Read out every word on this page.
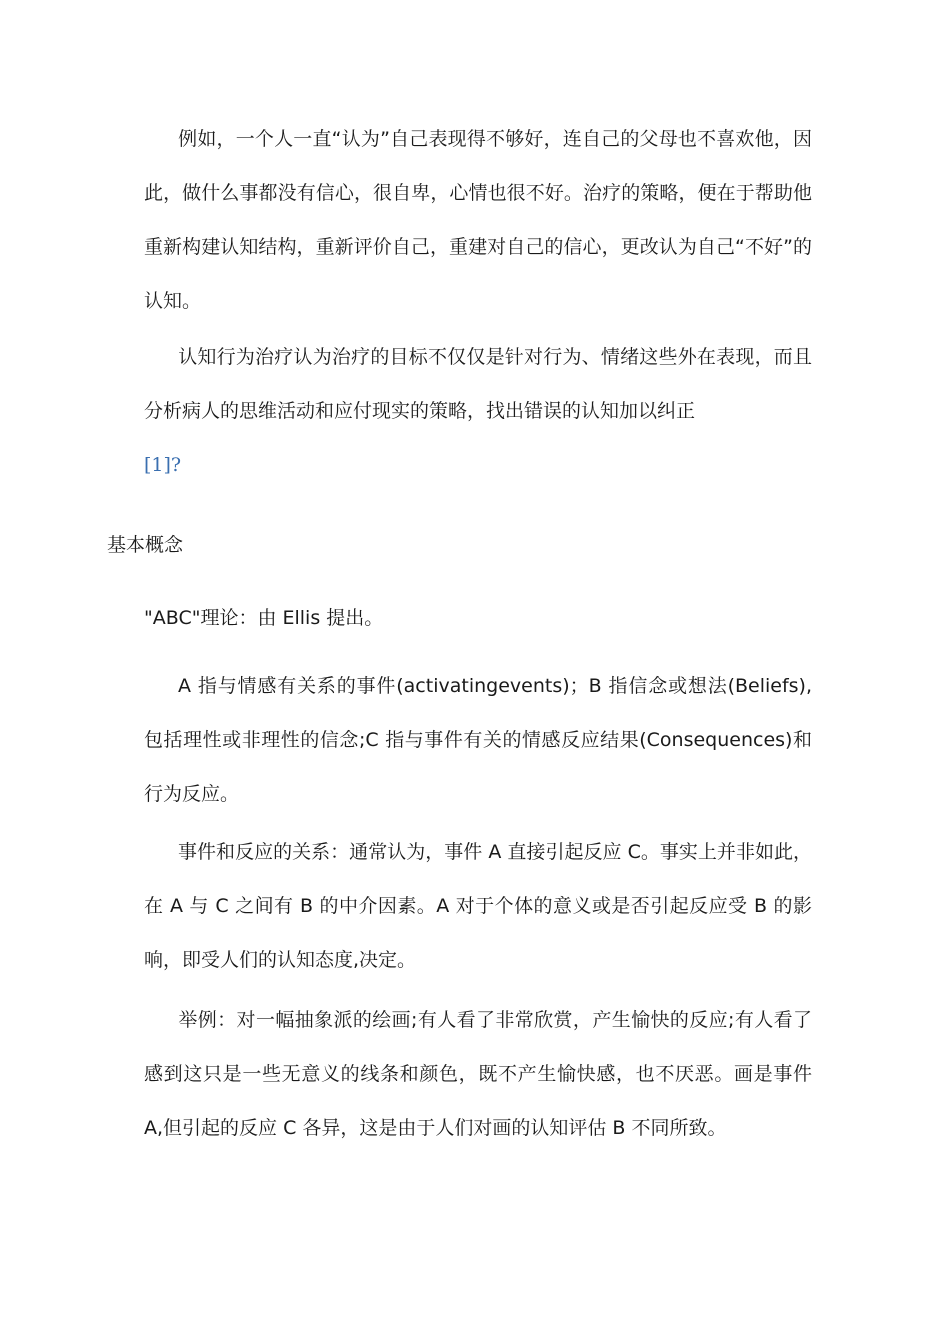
例如，一个人一直“认为”自己表现得不够好，连自己的父母也不喜欢他，因此，做什么事都没有信心，很自卑，心情也很不好。治疗的策略，便在于帮助他重新构建认知结构，重新评价自己，重建对自己的信心，更改认为自己“不好”的认知。

认知行为治疗认为治疗的目标不仅仅是针对行为、情绪这些外在表现，而且分析病人的思维活动和应付现实的策略，找出错误的认知加以纠正
[1]?

基本概念

"ABC"理论：由 Ellis 提出。

A 指与情感有关系的事件(activatingevents)；B 指信念或想法(Beliefs),包括理性或非理性的信念;C 指与事件有关的情感反应结果(Consequences)和行为反应。

事件和反应的关系：通常认为，事件 A 直接引起反应 C。事实上并非如此，在 A 与 C 之间有 B 的中介因素。A 对于个体的意义或是否引起反应受 B 的影响，即受人们的认知态度,决定。

举例：对一幅抽象派的绘画;有人看了非常欣赏，产生愉快的反应;有人看了感到这只是一些无意义的线条和颜色，既不产生愉快感，也不厌恶。画是事件 A,但引起的反应 C 各异，这是由于人们对画的认知评估 B 不同所致。
